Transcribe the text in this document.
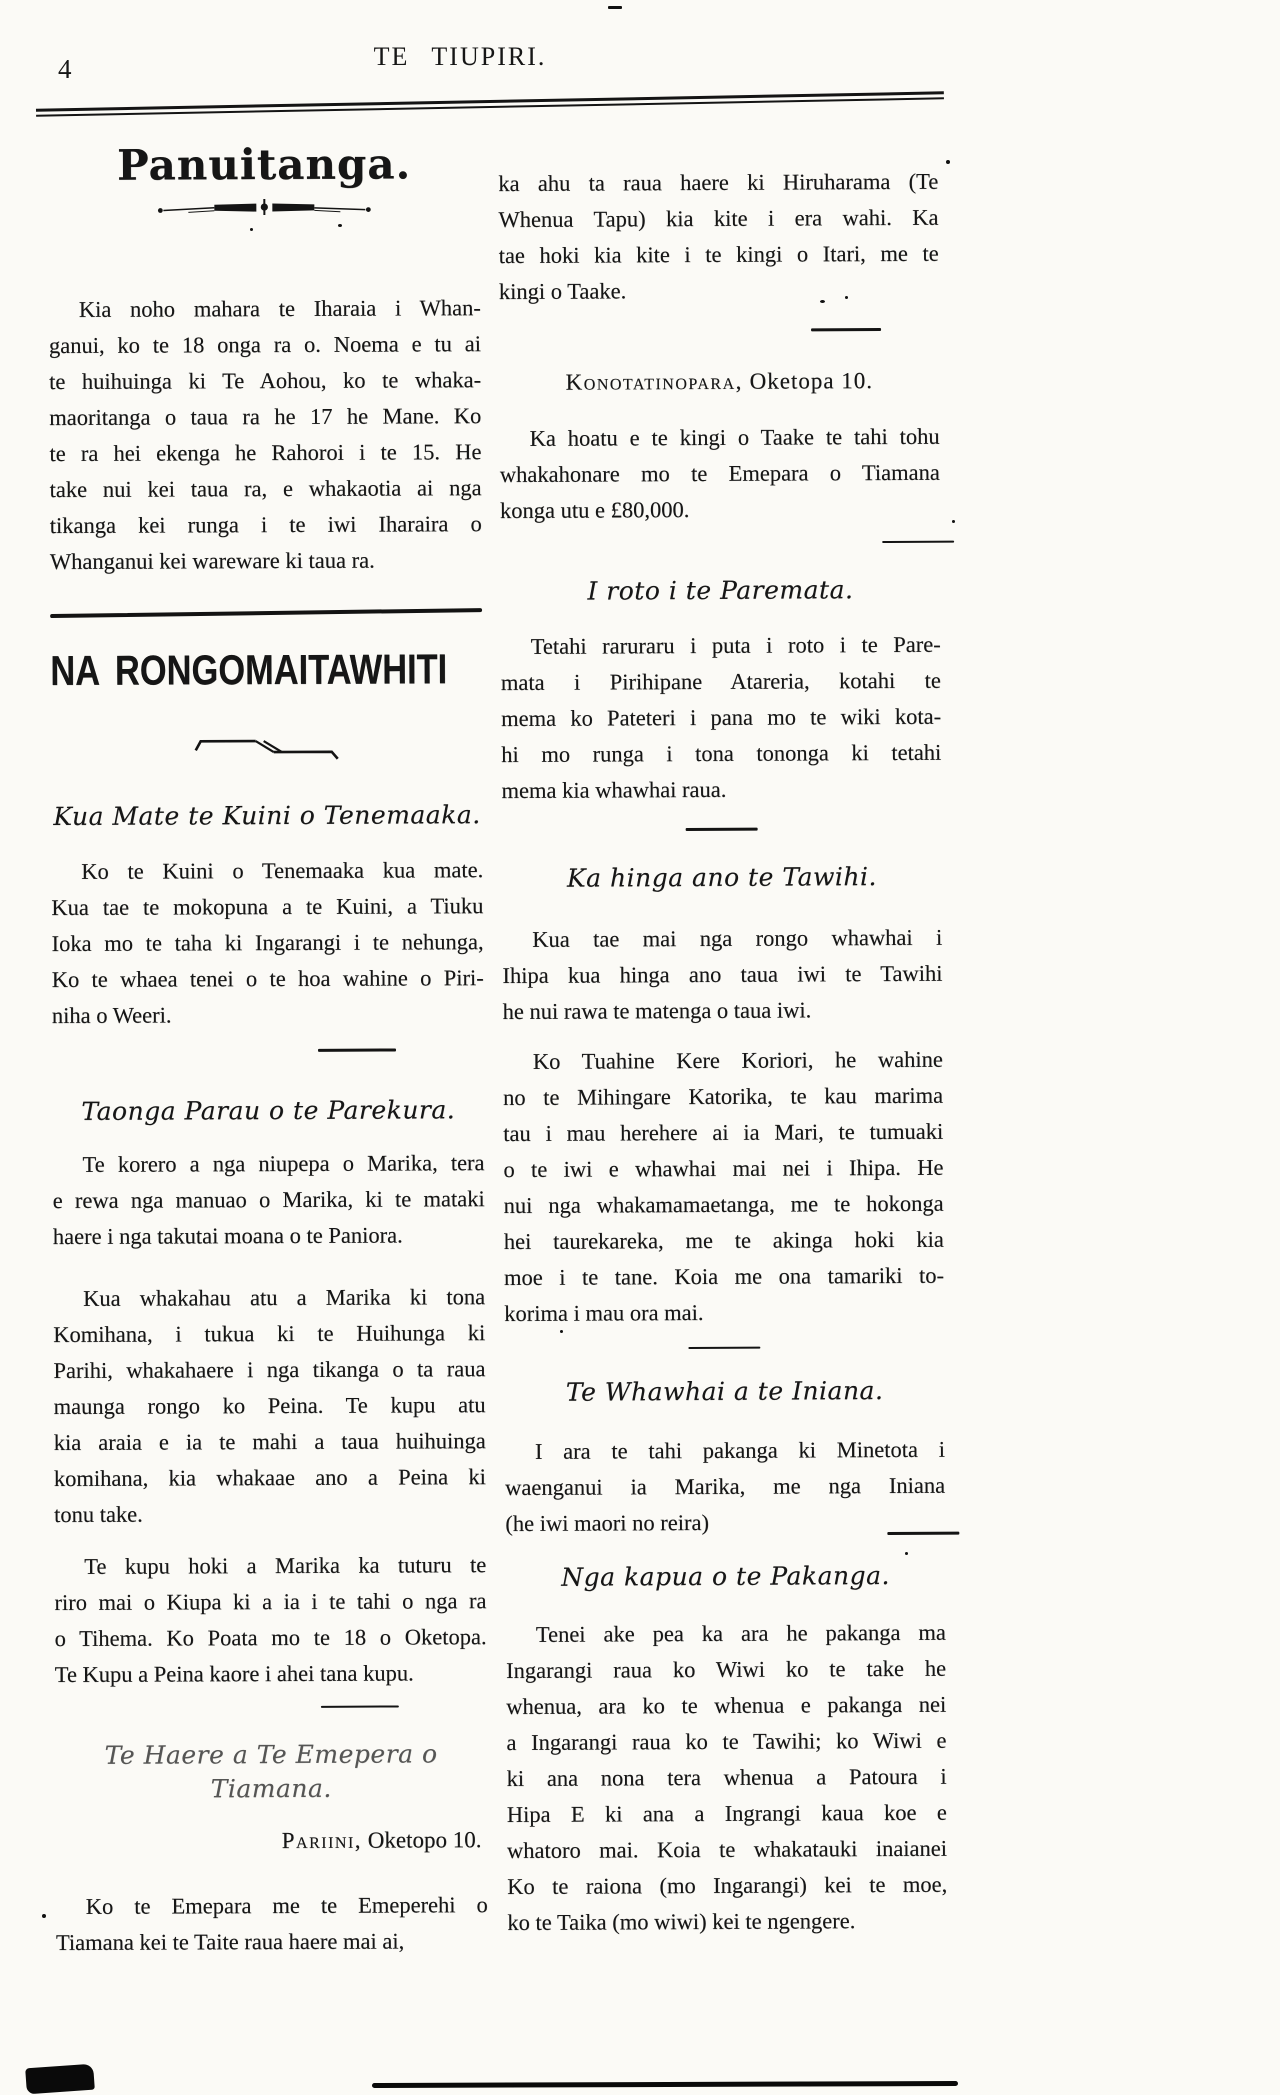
4	TE TIUPIRI.
Panuitanga.
Kia noho mahara te Iharaia i Whan-
ganui, ko te 18 onga ra o. Noema e tu ai
te huihuinga ki Te Aohou, ko te whaka-
maoritanga o taua ra he 17 he Mane. Ko
te ra hei ekenga he Rahoroi i te 15. He
take nui kei taua ra, e whakaotia ai nga
tikanga kei runga i te iwi Iharaira o
Whanganui kei wareware ki taua ra.
NA RONGOMAITAWHITI
Kua Mate te Kuini o Tenemaaka.
Ko te Kuini o Tenemaaka kua mate.
Kua tae te mokopuna a te Kuini, a Tiuku
Ioka mo te taha ki Ingarangi i te nehunga,
Ko te whaea tenei o te hoa wahine o Piri-
niha o Weeri.
Taonga Parau o te Parekura.
Te korero a nga niupepa o Marika, tera
e rewa nga manuao o Marika, ki te mataki
haere i nga takutai moana o te Paniora.
Kua whakahau atu a Marika ki tona
Komihana, i tukua ki te Huihunga ki
Parihi, whakahaere i nga tikanga o ta raua
maunga rongo ko Peina. Te kupu atu
kia araia e ia te mahi a taua huihuinga
komihana, kia whakaae ano a Peina ki
tonu take.
Te kupu hoki a Marika ka tuturu te
riro mai o Kiupa ki a ia i te tahi o nga ra
o Tihema. Ko Poata mo te 18 o Oketopa.
Te Kupu a Peina kaore i ahei tana kupu.
Te Haere a Te Emepera o Tiamana.
Pariini, Oketopo 10.
Ko te Emepara me te Emeperehi o
Tiamana kei te Taite raua haere mai ai,
ka ahu ta raua haere ki Hiruharama (Te
Whenua Tapu) kia kite i era wahi. Ka
tae hoki kia kite i te kingi o Itari, me te
kingi o Taake.
Konotatinopara, Oketopa 10.
Ka hoatu e te kingi o Taake te tahi tohu
whakahonare mo te Emepara o Tiamana
konga utu e £80,000.
I roto i te Paremata.
Tetahi raruraru i puta i roto i te Pare-
mata i Pirihipane Atareria, kotahi te
mema ko Pateteri i pana mo te wiki kota-
hi mo runga i tona tononga ki tetahi
mema kia whawhai raua.
Ka hinga ano te Tawihi.
Kua tae mai nga rongo whawhai i
Ihipa kua hinga ano taua iwi te Tawihi
he nui rawa te matenga o taua iwi.
Ko Tuahine Kere Koriori, he wahine
no te Mihingare Katorika, te kau marima
tau i mau herehere ai ia Mari, te tumuaki
o te iwi e whawhai mai nei i Ihipa. He
nui nga whakamamaetanga, me te hokonga
hei taurekareka, me te akinga hoki kia
moe i te tane. Koia me ona tamariki to-
korima i mau ora mai.
Te Whawhai a te Iniana.
I ara te tahi pakanga ki Minetota i
waenganui ia Marika, me nga Iniana
(he iwi maori no reira)
Nga kapua o te Pakanga.
Tenei ake pea ka ara he pakanga ma
Ingarangi raua ko Wiwi ko te take he
whenua, ara ko te whenua e pakanga nei
a Ingarangi raua ko te Tawihi; ko Wiwi e
ki ana nona tera whenua a Patoura i
Hipa E ki ana a Ingrangi kaua koe e
whatoro mai. Koia te whakatauki inaianei
Ko te raiona (mo Ingarangi) kei te moe,
ko te Taika (mo wiwi) kei te ngengere.
